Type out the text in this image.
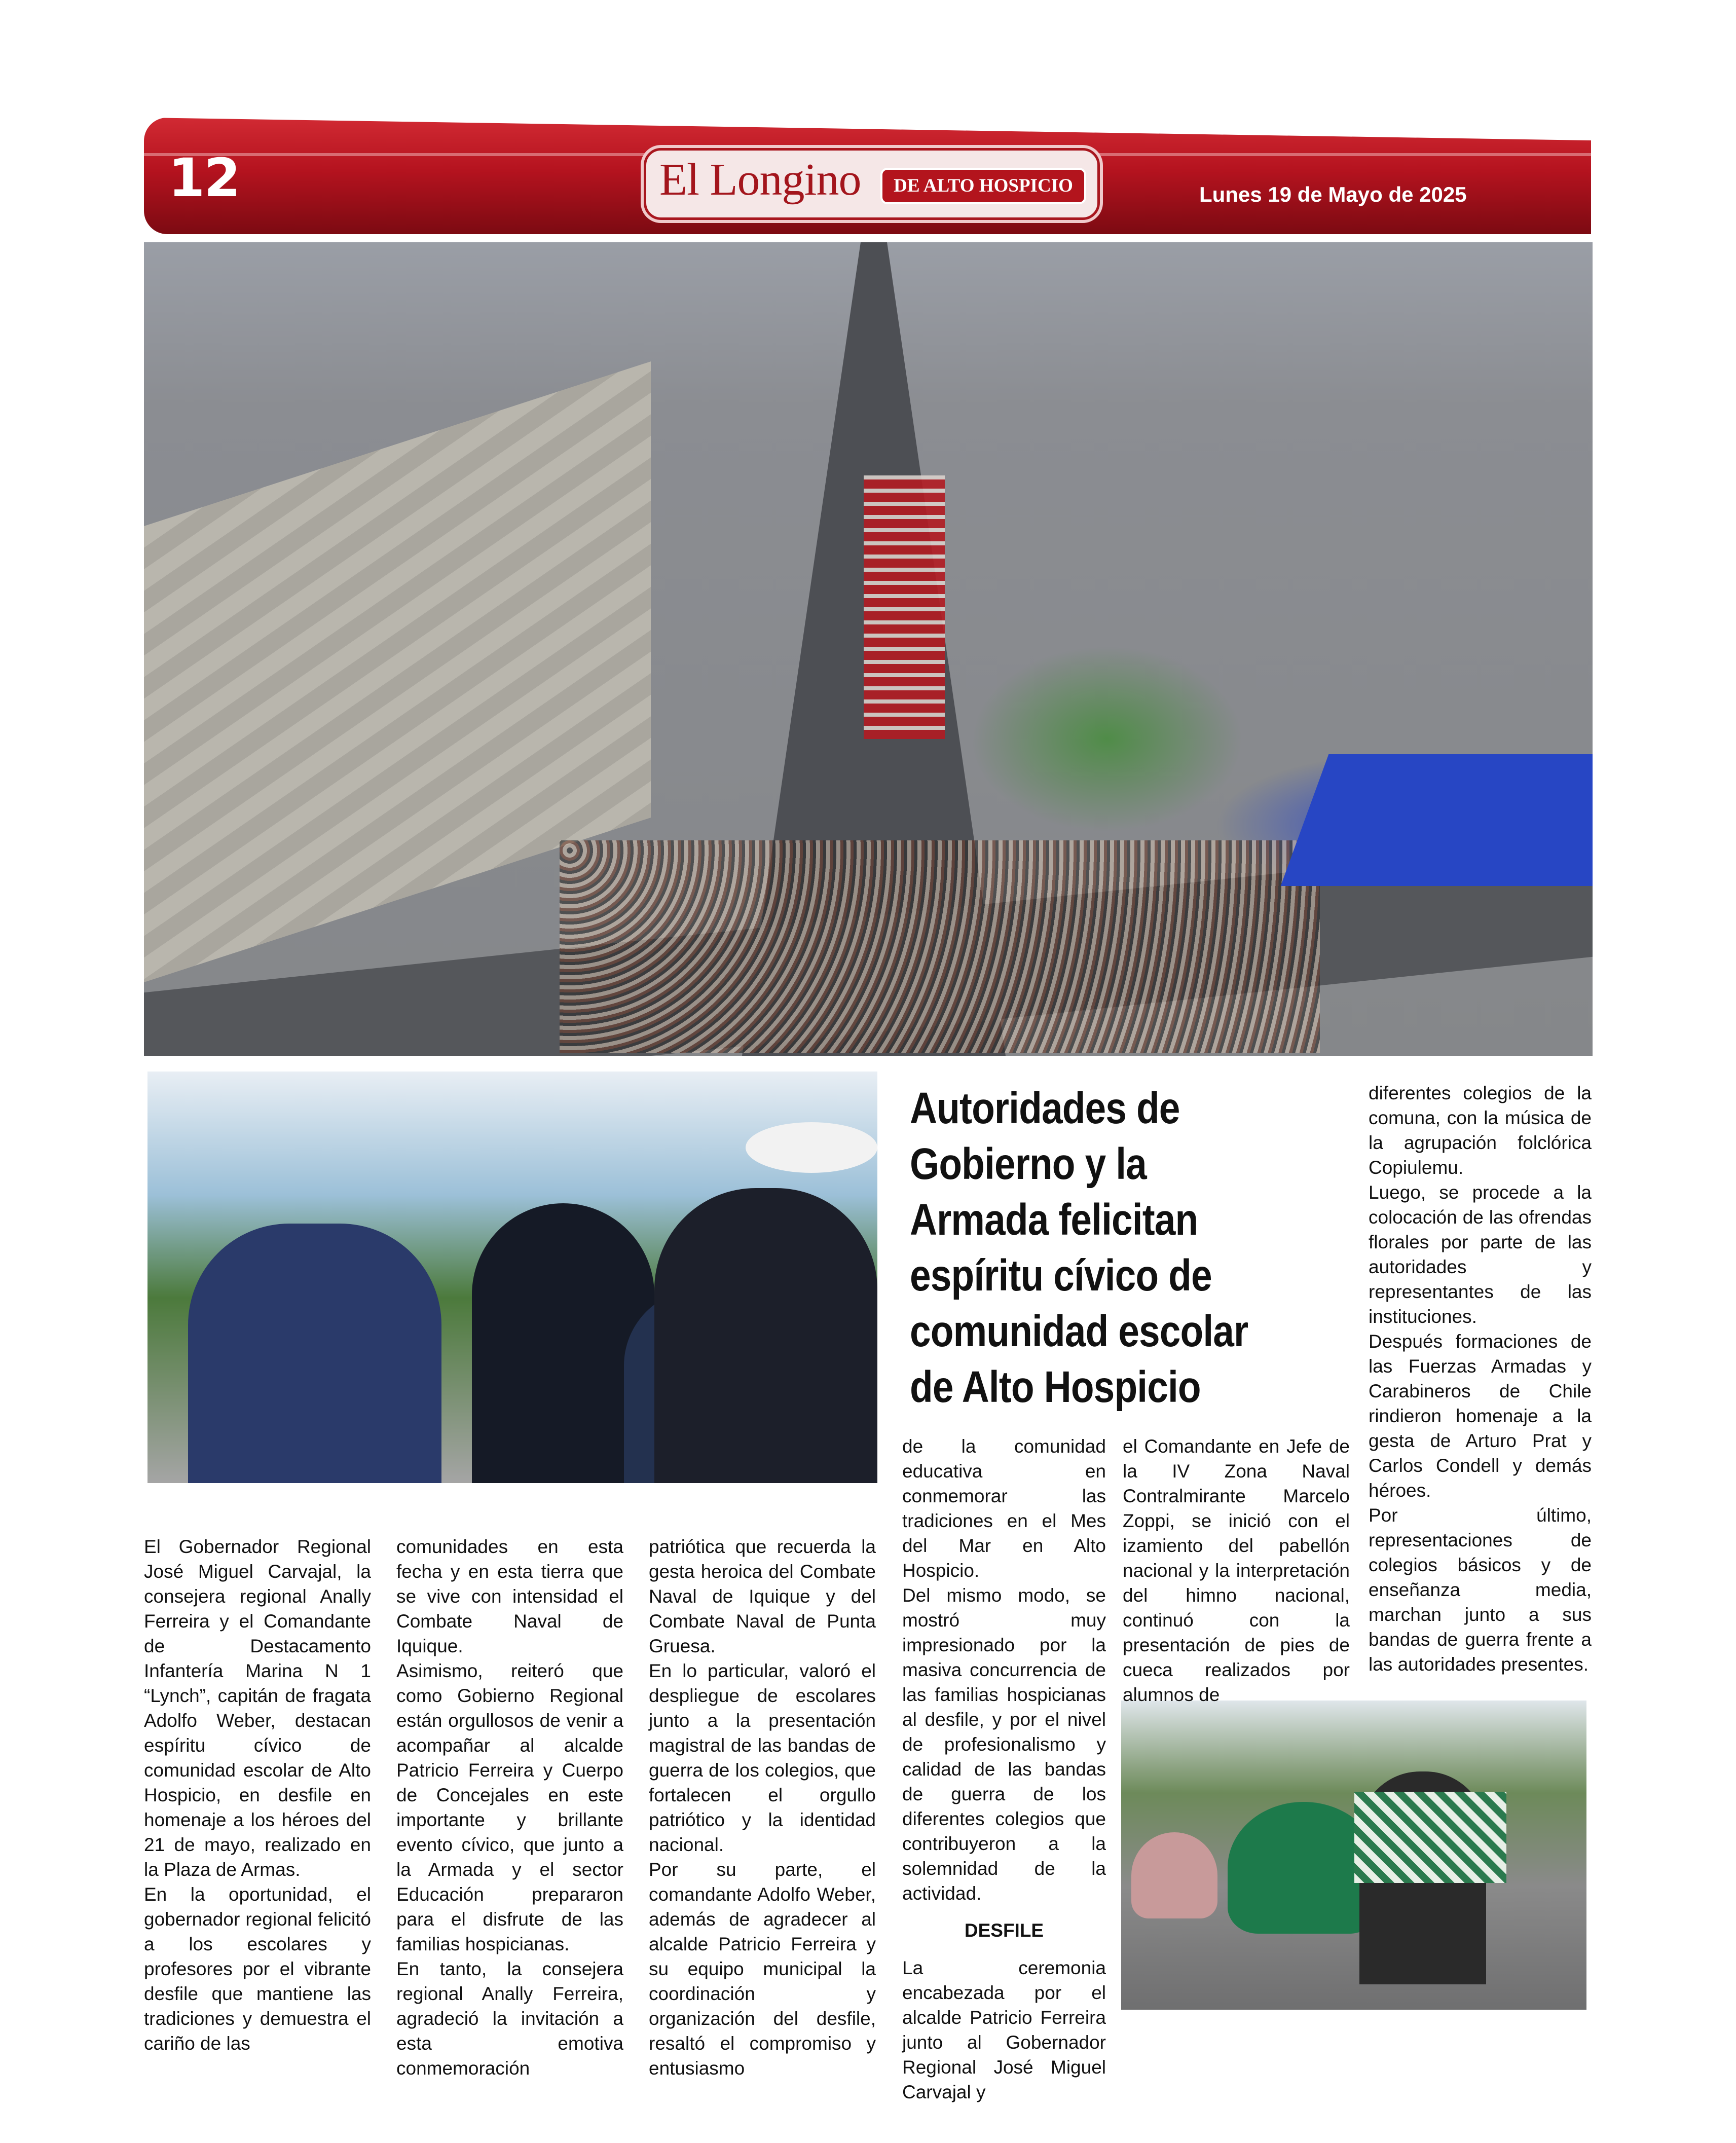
12	El Longino	DE ALTO HOSPICIO	Lunes 19 de Mayo de 2025
Autoridades de
Gobierno y la
Armada felicitan
espíritu cívico de
comunidad escolar
de Alto Hospicio

El Gobernador Regional José Miguel Carvajal, la consejera regional Anally Ferreira y el Comandante de Destacamento Infantería Marina N 1 “Lynch”, capitán de fragata Adolfo Weber, destacan espíritu cívico de comunidad escolar de Alto Hospicio, en desfile en homenaje a los héroes del 21 de mayo, realizado en la Plaza de Armas.

En la oportunidad, el gobernador regional felicitó a los escolares y profesores por el vibrante desfile que mantiene las tradiciones y demuestra el cariño de las

comunidades en esta fecha y en esta tierra que se vive con intensidad el Combate Naval de Iquique.

Asimismo, reiteró que como Gobierno Regional están orgullosos de venir a acompañar al alcalde Patricio Ferreira y Cuerpo de Concejales en este importante y brillante evento cívico, que junto a la Armada y el sector Educación prepararon para el disfrute de las familias hospicianas.

En tanto, la consejera regional Anally Ferreira, agradeció la invitación a esta emotiva conmemoración

patriótica que recuerda la gesta heroica del Combate Naval de Iquique y del Combate Naval de Punta Gruesa.

En lo particular, valoró el despliegue de escolares junto a la presentación magistral de las bandas de guerra de los colegios, que fortalecen el orgullo patriótico y la identidad nacional.

Por su parte, el comandante Adolfo Weber, además de agradecer al alcalde Patricio Ferreira y su equipo municipal la coordinación y organización del desfile, resaltó el compromiso y entusiasmo

de la comunidad educativa en conmemorar las tradiciones en el Mes del Mar en Alto Hospicio.

Del mismo modo, se mostró muy impresionado por la masiva concurrencia de las familias hospicianas al desfile, y por el nivel de profesionalismo y calidad de las bandas de guerra de los diferentes colegios que contribuyeron a la solemnidad de la actividad.

DESFILE

La ceremonia encabezada por el alcalde Patricio Ferreira junto al Gobernador Regional José Miguel Carvajal y

el Comandante en Jefe de la IV Zona Naval Contralmirante Marcelo Zoppi, se inició con el izamiento del pabellón nacional y la interpretación del himno nacional, continuó con la presentación de pies de cueca realizados por alumnos de

diferentes colegios de la comuna, con la música de la agrupación folclórica Copiulemu.

Luego, se procede a la colocación de las ofrendas florales por parte de las autoridades y representantes de las instituciones.

Después formaciones de las Fuerzas Armadas y Carabineros de Chile rindieron homenaje a la gesta de Arturo Prat y Carlos Condell y demás héroes.

Por último, representaciones de colegios básicos y de enseñanza media, marchan junto a sus bandas de guerra frente a las autoridades presentes.
